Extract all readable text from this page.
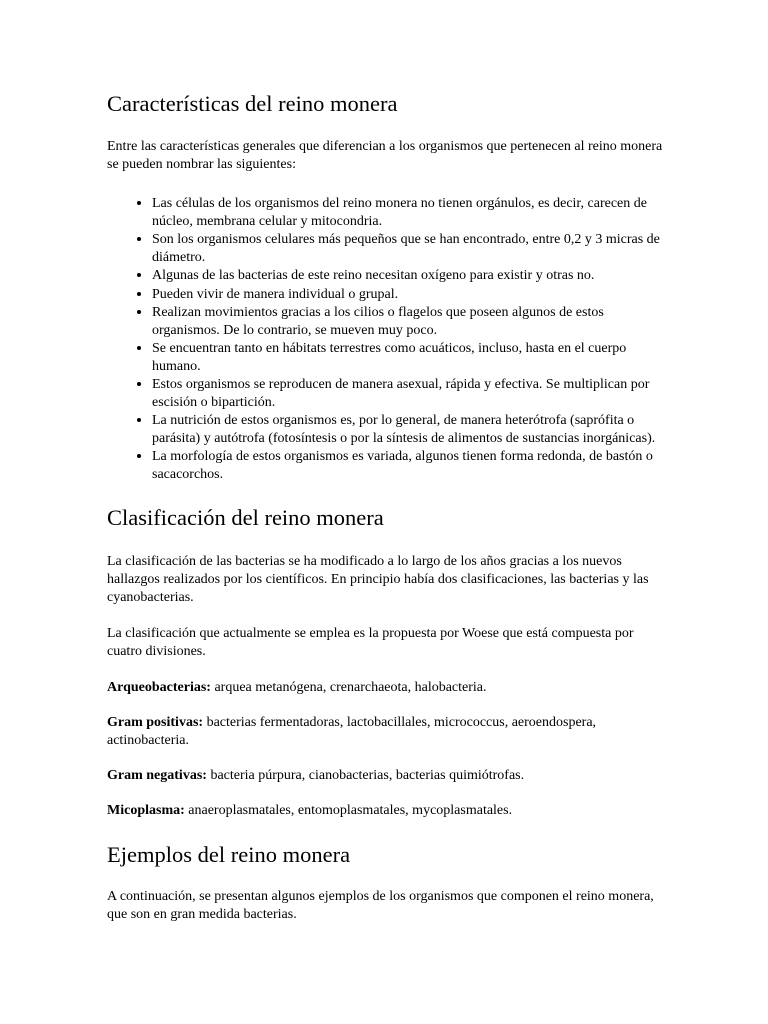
Características del reino monera

Entre las características generales que diferencian a los organismos que pertenecen al reino monera se pueden nombrar las siguientes:

• Las células de los organismos del reino monera no tienen orgánulos, es decir, carecen de núcleo, membrana celular y mitocondria.
• Son los organismos celulares más pequeños que se han encontrado, entre 0,2 y 3 micras de diámetro.
• Algunas de las bacterias de este reino necesitan oxígeno para existir y otras no.
• Pueden vivir de manera individual o grupal.
• Realizan movimientos gracias a los cilios o flagelos que poseen algunos de estos organismos. De lo contrario, se mueven muy poco.
• Se encuentran tanto en hábitats terrestres como acuáticos, incluso, hasta en el cuerpo humano.
• Estos organismos se reproducen de manera asexual, rápida y efectiva. Se multiplican por escisión o bipartición.
• La nutrición de estos organismos es, por lo general, de manera heterótrofa (saprófita o parásita) y autótrofa (fotosíntesis o por la síntesis de alimentos de sustancias inorgánicas).
• La morfología de estos organismos es variada, algunos tienen forma redonda, de bastón o sacacorchos.
Clasificación del reino monera

La clasificación de las bacterias se ha modificado a lo largo de los años gracias a los nuevos hallazgos realizados por los científicos. En principio había dos clasificaciones, las bacterias y las cyanobacterias.

La clasificación que actualmente se emplea es la propuesta por Woese que está compuesta por cuatro divisiones.

Arqueobacterias: arquea metanógena, crenarchaeota, halobacteria.

Gram positivas: bacterias fermentadoras, lactobacillales, micrococcus, aeroendospera, actinobacteria.

Gram negativas: bacteria púrpura, cianobacterias, bacterias quimiótrofas.

Micoplasma: anaeroplasmatales, entomoplasmatales, mycoplasmatales.

Ejemplos del reino monera

A continuación, se presentan algunos ejemplos de los organismos que componen el reino monera, que son en gran medida bacterias.
